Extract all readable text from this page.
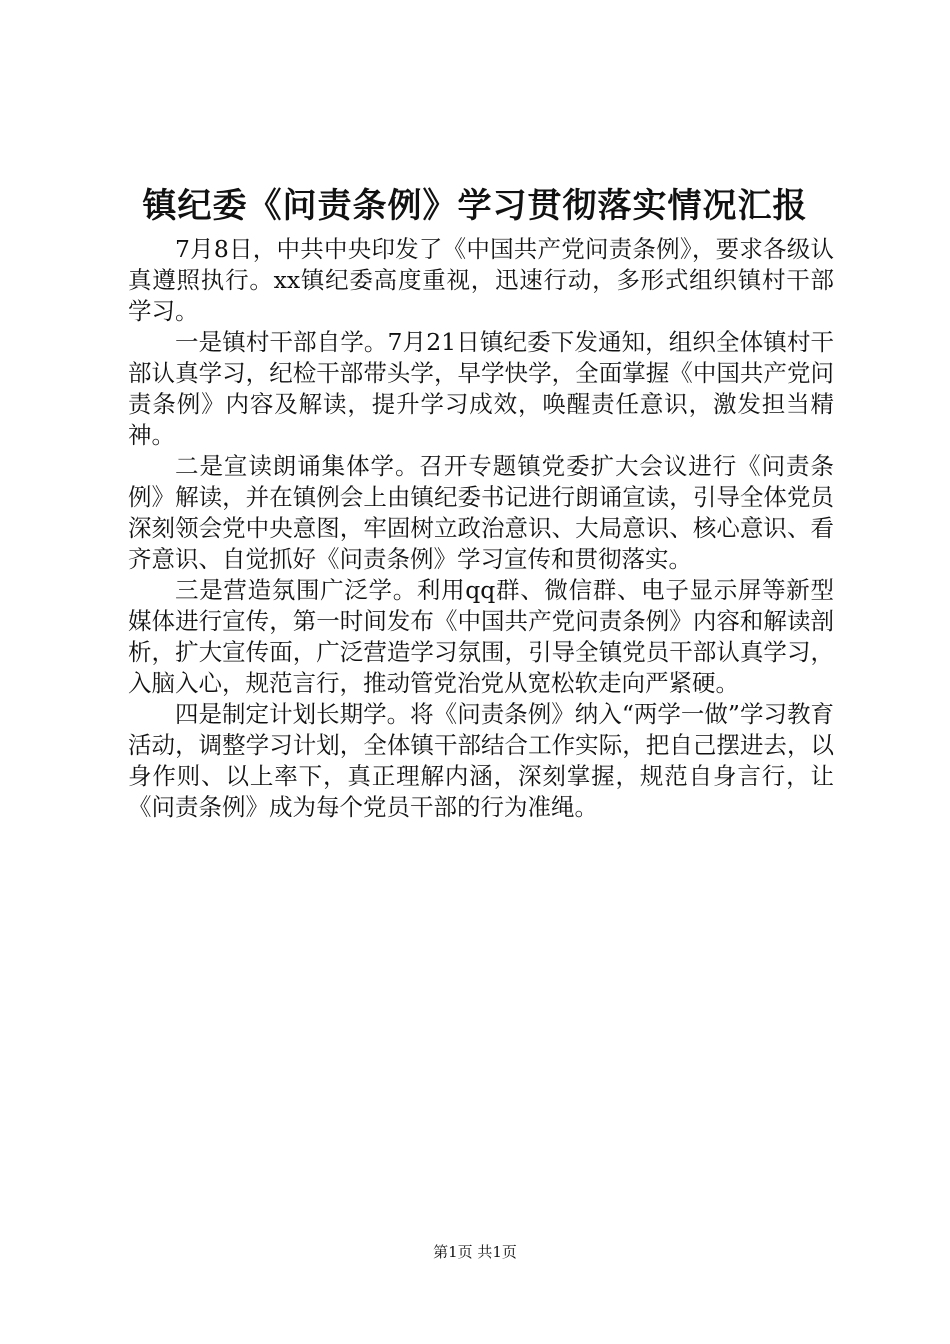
镇纪委《问责条例》学习贯彻落实情况汇报

7月8日，中共中央印发了《中国共产党问责条例》，要求各级认真遵照执行。xx镇纪委高度重视，迅速行动，多形式组织镇村干部学习。

一是镇村干部自学。7月21日镇纪委下发通知，组织全体镇村干部认真学习，纪检干部带头学，早学快学，全面掌握《中国共产党问责条例》内容及解读，提升学习成效，唤醒责任意识，激发担当精神。

二是宣读朗诵集体学。召开专题镇党委扩大会议进行《问责条例》解读，并在镇例会上由镇纪委书记进行朗诵宣读，引导全体党员深刻领会党中央意图，牢固树立政治意识、大局意识、核心意识、看齐意识、自觉抓好《问责条例》学习宣传和贯彻落实。

三是营造氛围广泛学。利用qq群、微信群、电子显示屏等新型媒体进行宣传，第一时间发布《中国共产党问责条例》内容和解读剖析，扩大宣传面，广泛营造学习氛围，引导全镇党员干部认真学习，入脑入心，规范言行，推动管党治党从宽松软走向严紧硬。

四是制定计划长期学。将《问责条例》纳入“两学一做”学习教育活动，调整学习计划，全体镇干部结合工作实际，把自己摆进去，以身作则、以上率下，真正理解内涵，深刻掌握，规范自身言行，让《问责条例》成为每个党员干部的行为准绳。

第1页 共1页
